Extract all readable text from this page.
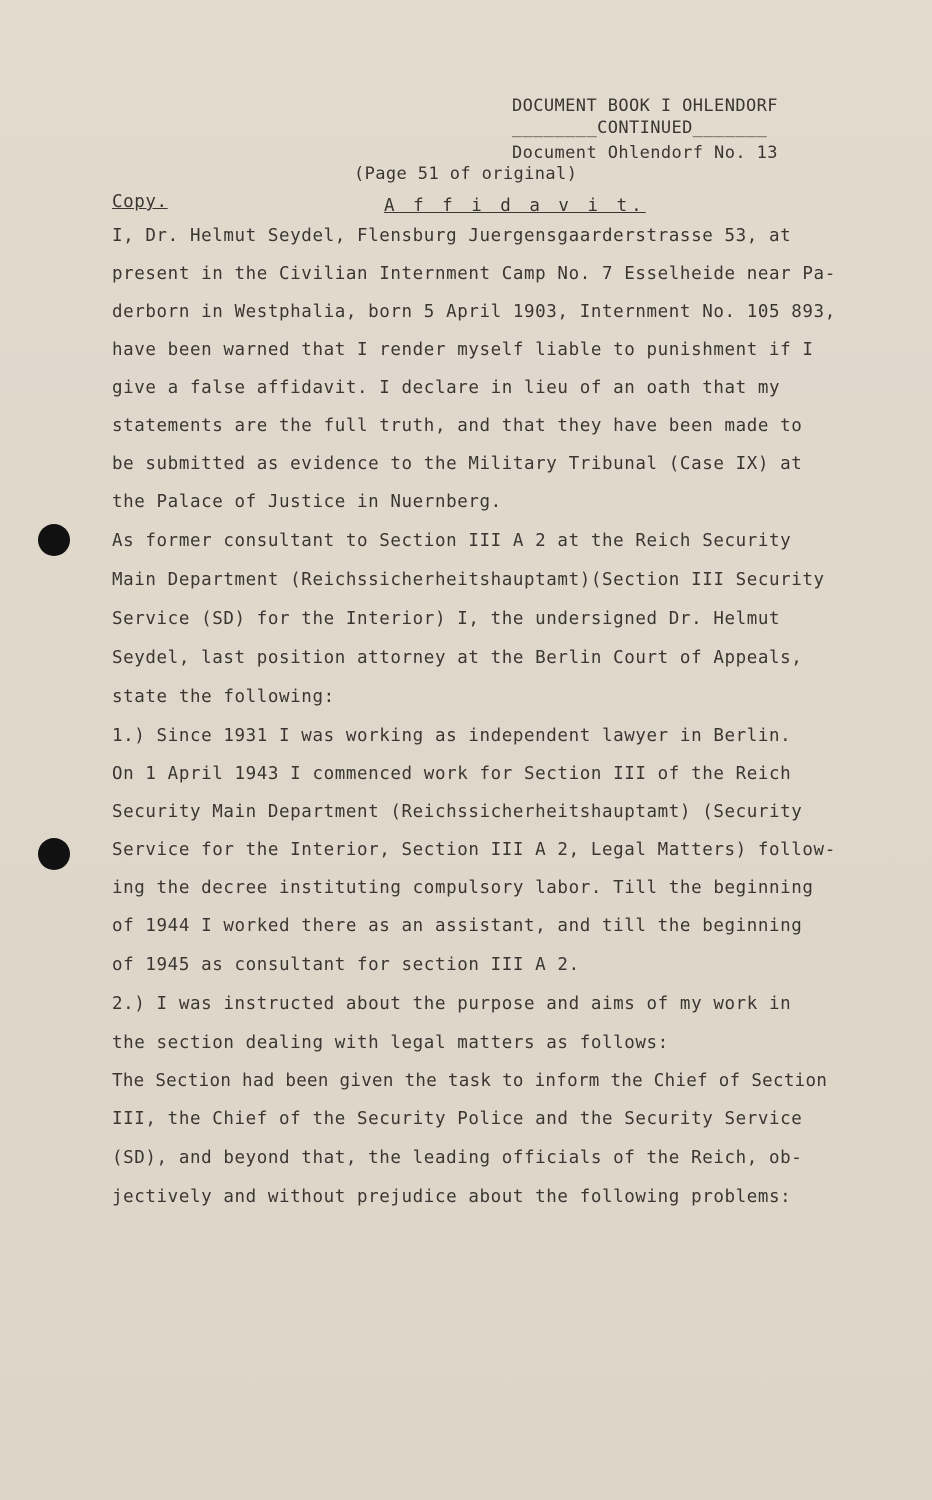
DOCUMENT BOOK I OHLENDORF
________CONTINUED_______
Document Ohlendorf No. 13
(Page 51 of original)
Copy.	A f f i d a v i t.
I, Dr. Helmut Seydel, Flensburg Juergensgaarderstrasse 53, at
present in the Civilian Internment Camp No. 7 Esselheide near Pa-
derborn in Westphalia, born 5 April 1903, Internment No. 105 893,
have been warned that I render myself liable to punishment if I
give a false affidavit. I declare in lieu of an oath that my
statements are the full truth, and that they have been made to
be submitted as evidence to the Military Tribunal (Case IX) at
the Palace of Justice in Nuernberg.
As former consultant to Section III A 2 at the Reich Security
Main Department (Reichssicherheitshauptamt)(Section III Security
Service (SD) for the Interior) I, the undersigned Dr. Helmut
Seydel, last position attorney at the Berlin Court of Appeals,
state the following:
1.) Since 1931 I was working as independent lawyer in Berlin.
On 1 April 1943 I commenced work for Section III of the Reich
Security Main Department (Reichssicherheitshauptamt) (Security
Service for the Interior, Section III A 2, Legal Matters) follow-
ing the decree instituting compulsory labor. Till the beginning
of 1944 I worked there as an assistant, and till the beginning
of 1945 as consultant for section III A 2.
2.) I was instructed about the purpose and aims of my work in
the section dealing with legal matters as follows:
The Section had been given the task to inform the Chief of Section
III, the Chief of the Security Police and the Security Service
(SD), and beyond that, the leading officials of the Reich, ob-
jectively and without prejudice about the following problems:
